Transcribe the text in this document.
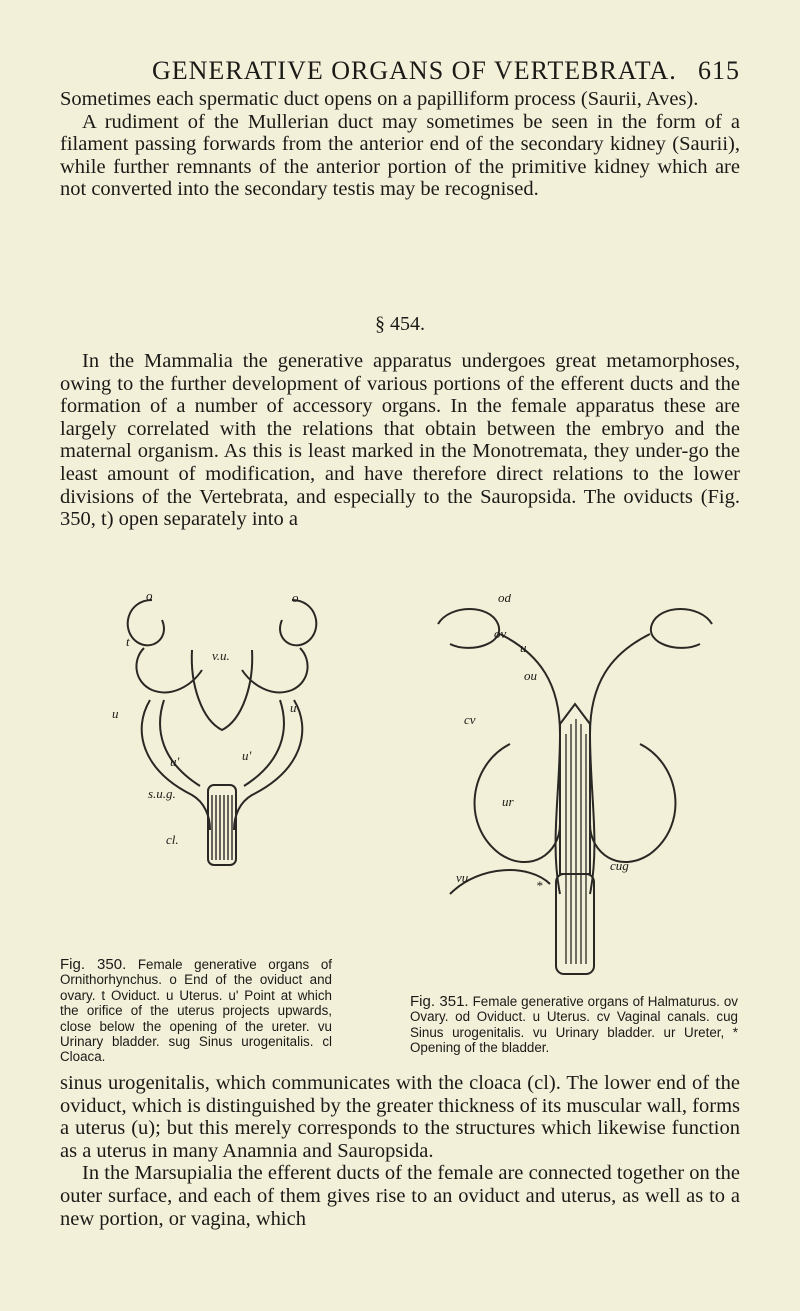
GENERATIVE ORGANS OF VERTEBRATA. 615

Sometimes each spermatic duct opens on a papilliform process (Saurii, Aves).

A rudiment of the Mullerian duct may sometimes be seen in the form of a filament passing forwards from the anterior end of the secondary kidney (Saurii), while further remnants of the anterior portion of the primitive kidney which are not converted into the secondary testis may be recognised.

§ 454.

In the Mammalia the generative apparatus undergoes great metamorphoses, owing to the further development of various portions of the efferent ducts and the formation of a number of accessory organs. In the female apparatus these are largely correlated with the relations that obtain between the embryo and the maternal organism. As this is least marked in the Monotremata, they under-go the least amount of modification, and have therefore direct relations to the lower divisions of the Vertebrata, and especially to the Sauropsida. The oviducts (Fig. 350, t) open separately into a

o	o
t
v.u.
u	u
u'	u'
s.u.g.
cl.
Fig. 350. Female generative organs of Ornithorhynchus. o End of the oviduct and ovary. t Oviduct. u Uterus. u' Point at which the orifice of the uterus projects upwards, close below the opening of the ureter. vu Urinary bladder. sug Sinus urogenitalis. cl Cloaca.
od
ov
u
ou
cv
ur
vu
*
cug
Fig. 351. Female generative organs of Halmaturus. ov Ovary. od Oviduct. u Uterus. cv Vaginal canals. cug Sinus urogenitalis. vu Urinary bladder. ur Ureter, * Opening of the bladder.

sinus urogenitalis, which communicates with the cloaca (cl). The lower end of the oviduct, which is distinguished by the greater thickness of its muscular wall, forms a uterus (u); but this merely corresponds to the structures which likewise function as a uterus in many Anamnia and Sauropsida.

In the Marsupialia the efferent ducts of the female are connected together on the outer surface, and each of them gives rise to an oviduct and uterus, as well as to a new portion, or vagina, which
